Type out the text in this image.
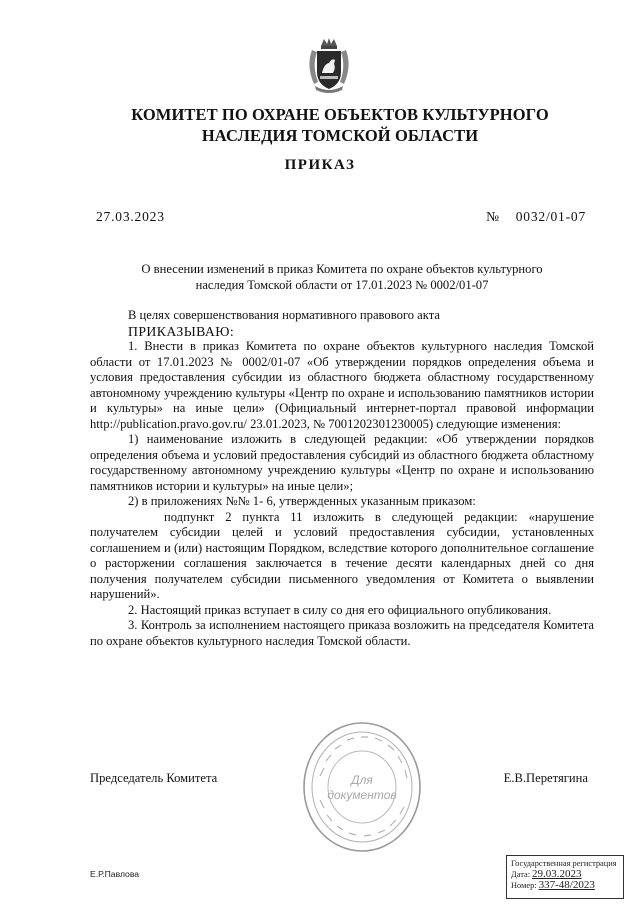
КОМИТЕТ ПО ОХРАНЕ ОБЪЕКТОВ КУЛЬТУРНОГО
НАСЛЕДИЯ ТОМСКОЙ ОБЛАСТИ
ПРИКАЗ
27.03.2023	№ 0032/01-07
О внесении изменений в приказ Комитета по охране объектов культурного
наследия Томской области от 17.01.2023 № 0002/01-07

В целях совершенствования нормативного правового акта

ПРИКАЗЫВАЮ:

1. Внести в приказ Комитета по охране объектов культурного наследия Томской области от 17.01.2023 № 0002/01-07 «Об утверждении порядков определения объема и условия предоставления субсидии из областного бюджета областному государственному автономному учреждению культуры «Центр по охране и использованию памятников истории и культуры» на иные цели» (Официальный интернет-портал правовой информации http://publication.pravo.gov.ru/ 23.01.2023, № 7001202301230005) следующие изменения:

1) наименование изложить в следующей редакции: «Об утверждении порядков определения объема и условий предоставления субсидий из областного бюджета областному государственному автономному учреждению культуры «Центр по охране и использованию памятников истории и культуры» на иные цели»;

2) в приложениях №№ 1- 6, утвержденных указанным приказом:

подпункт 2 пункта 11 изложить в следующей редакции: «нарушение получателем субсидии целей и условий предоставления субсидии, установленных соглашением и (или) настоящим Порядком, вследствие которого дополнительное соглашение о расторжении соглашения заключается в течение десяти календарных дней со дня получения получателем субсидии письменного уведомления от Комитета о выявлении нарушений».

2. Настоящий приказ вступает в силу со дня его официального опубликования.

3. Контроль за исполнением настоящего приказа возложить на председателя Комитета по охране объектов культурного наследия Томской области.

Председатель Комитета	Е.В.Перетягина
Для
документов
Е.Р.Павлова
Государственная регистрация
Дата: 29.03.2023
Номер: 337-48/2023
